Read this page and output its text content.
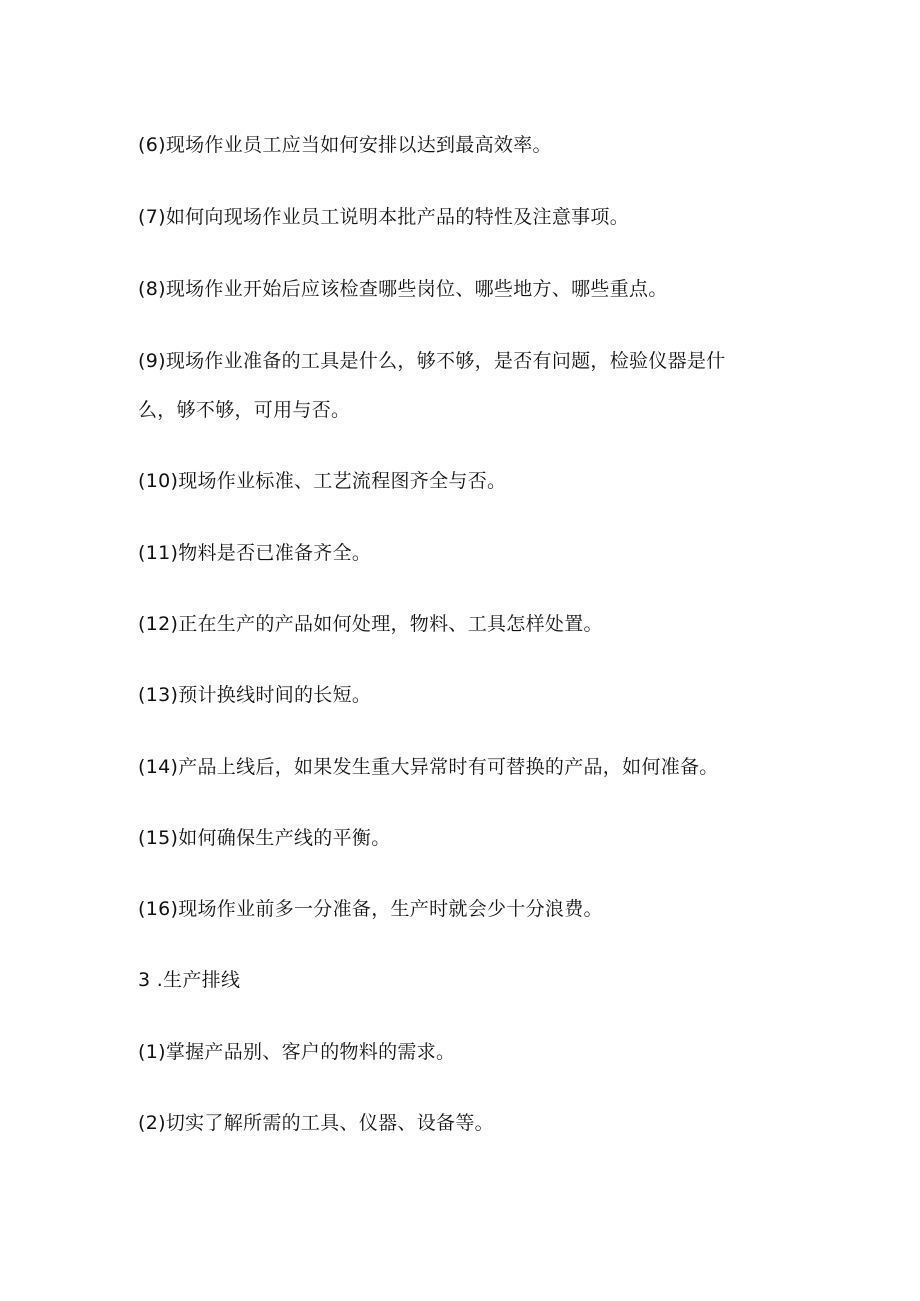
(6)现场作业员工应当如何安排以达到最高效率。
(7)如何向现场作业员工说明本批产品的特性及注意事项。
(8)现场作业开始后应该检查哪些岗位、哪些地方、哪些重点。
(9)现场作业准备的工具是什么，够不够，是否有问题，检验仪器是什
么，够不够，可用与否。
(10)现场作业标准、工艺流程图齐全与否。
(11)物料是否已准备齐全。
(12)正在生产的产品如何处理，物料、工具怎样处置。
(13)预计换线时间的长短。
(14)产品上线后，如果发生重大异常时有可替换的产品，如何准备。
(15)如何确保生产线的平衡。
(16)现场作业前多一分准备，生产时就会少十分浪费。
3 .生产排线
(1)掌握产品别、客户的物料的需求。
(2)切实了解所需的工具、仪器、设备等。
